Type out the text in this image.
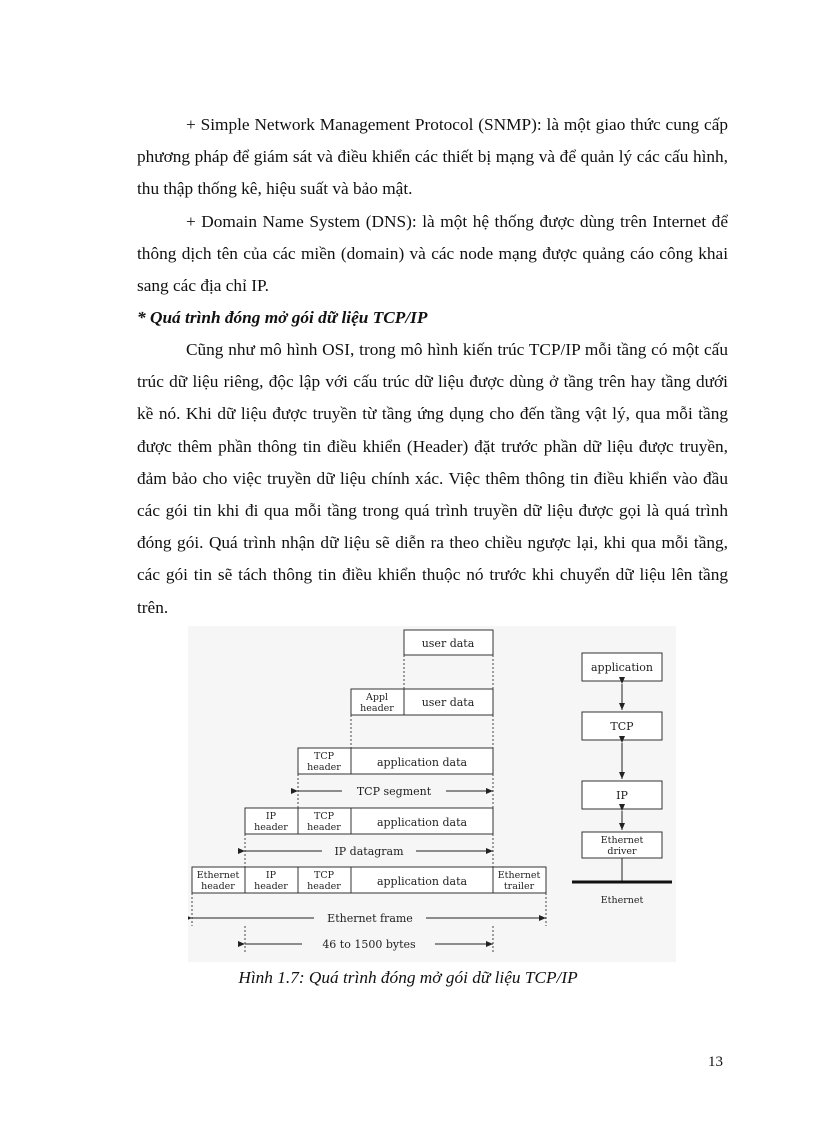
+ Simple Network Management Protocol (SNMP): là một giao thức cung cấp phương pháp để giám sát và điều khiển các thiết bị mạng và để quản lý các cấu hình, thu thập thống kê, hiệu suất và bảo mật.

+ Domain Name System (DNS): là một hệ thống được dùng trên Internet để thông dịch tên của các miền (domain) và các node mạng được quảng cáo công khai sang các địa chỉ IP.

* Quá trình đóng mở gói dữ liệu TCP/IP

Cũng như mô hình OSI, trong mô hình kiến trúc TCP/IP mỗi tầng có một cấu trúc dữ liệu riêng, độc lập với cấu trúc dữ liệu được dùng ở tầng trên hay tầng dưới kề nó. Khi dữ liệu được truyền từ tầng ứng dụng cho đến tầng vật lý, qua mỗi tầng được thêm phần thông tin điều khiển (Header) đặt trước phần dữ liệu được truyền, đảm bảo cho việc truyền dữ liệu chính xác. Việc thêm thông tin điều khiển vào đầu các gói tin khi đi qua mỗi tầng trong quá trình truyền dữ liệu được gọi là quá trình đóng gói. Quá trình nhận dữ liệu sẽ diễn ra theo chiều ngược lại, khi qua mỗi tầng, các gói tin sẽ tách thông tin điều khiển thuộc nó trước khi chuyển dữ liệu lên tầng trên.

user data
Appl
header	user data
TCP
header	application data
TCP segment
IP
header
TCP
header	application data
IP datagram
Ethernet
header
IP
header
TCP
header	application data	Ethernet
trailer
Ethernet frame
46 to 1500 bytes
application
TCP
IP
Ethernet
driver
Ethernet
Hình 1.7: Quá trình đóng mở gói dữ liệu TCP/IP
13
